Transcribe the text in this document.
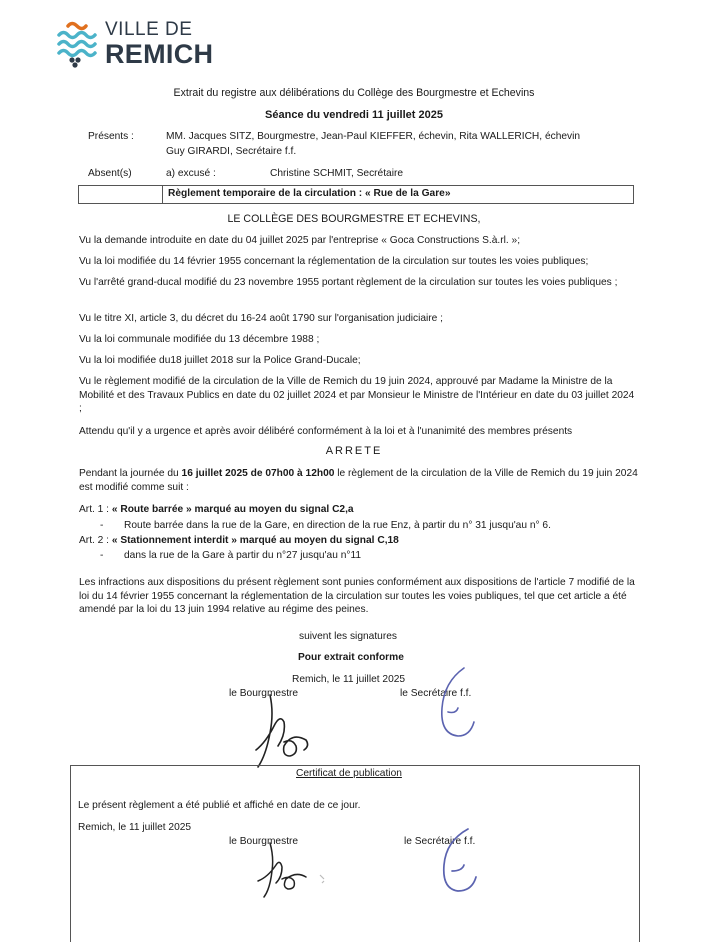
VILLE DE
REMICH
Extrait du registre aux délibérations du Collège des Bourgmestre et Echevins
Séance du vendredi 11 juillet 2025
Présents :	MM. Jacques SITZ, Bourgmestre, Jean-Paul KIEFFER, échevin, Rita WALLERICH, échevin
Guy GIRARDI, Secrétaire f.f.
Absent(s)	a) excusé :	Christine SCHMIT, Secrétaire
Règlement temporaire de la circulation : « Rue de la Gare»
LE COLLÈGE DES BOURGMESTRE ET ECHEVINS,

Vu la demande introduite en date du 04 juillet 2025 par l'entreprise « Goca Constructions S.à.rl. »;

Vu la loi modifiée du 14 février 1955 concernant la réglementation de la circulation sur toutes les voies publiques;

Vu l'arrêté grand-ducal modifié du 23 novembre 1955 portant règlement de la circulation sur toutes les voies publiques ;

Vu le titre XI, article 3, du décret du 16-24 août 1790 sur l'organisation judiciaire ;

Vu la loi communale modifiée du 13 décembre 1988 ;

Vu la loi modifiée du18 juillet 2018 sur la Police Grand-Ducale;

Vu le règlement modifié de la circulation de la Ville de Remich du 19 juin 2024, approuvé par Madame la Ministre de la Mobilité et des Travaux Publics en date du 02 juillet 2024 et par Monsieur le Ministre de l'Intérieur en date du 03 juillet 2024 ;

Attendu qu'il y a urgence et après avoir délibéré conformément à la loi et à l'unanimité des membres présents

ARRETE

Pendant la journée du 16 juillet 2025 de 07h00 à 12h00 le règlement de la circulation de la Ville de Remich du 19 juin 2024 est modifié comme suit :

Art. 1 : « Route barrée » marqué au moyen du signal C2,a
- Route barrée dans la rue de la Gare, en direction de la rue Enz, à partir du n° 31 jusqu'au n° 6.
Art. 2 : « Stationnement interdit » marqué au moyen du signal C,18
- dans la rue de la Gare à partir du n°27 jusqu'au n°11

Les infractions aux dispositions du présent règlement sont punies conformément aux dispositions de l'article 7 modifié de la loi du 14 février 1955 concernant la réglementation de la circulation sur toutes les voies publiques, tel que cet article a été amendé par la loi du 13 juin 1994 relative au régime des peines.

suivent les signatures
Pour extrait conforme
Remich, le 11 juillet 2025
le Bourgmestre	le Secrétaire f.f.
Certificat de publication
Le présent règlement a été publié et affiché en date de ce jour.
Remich, le 11 juillet 2025
le Bourgmestre	le Secrétaire f.f.
